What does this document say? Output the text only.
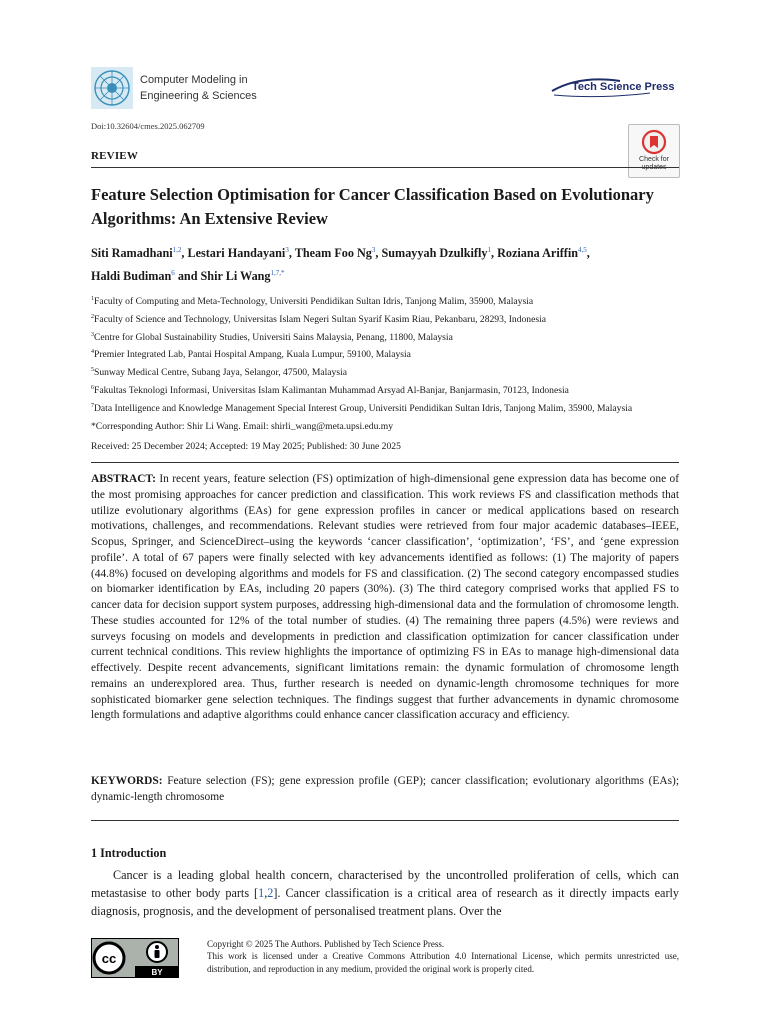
Computer Modeling in
Engineering & Sciences
Tech Science Press
Doi:10.32604/cmes.2025.062709
Check for
updates
REVIEW
Feature Selection Optimisation for Cancer Classification Based on Evolutionary Algorithms: An Extensive Review
Siti Ramadhani$^{1,2}$, Lestari Handayani$^3$, Theam Foo Ng$^3$, Sumayyah Dzulkifly$^1$, Roziana Ariffin$^{4,5}$,
Haldi Budiman$^6$ and Shir Li Wang$^{1,7,*}$
$^1$Faculty of Computing and Meta-Technology, Universiti Pendidikan Sultan Idris, Tanjong Malim, 35900, Malaysia
$^2$Faculty of Science and Technology, Universitas Islam Negeri Sultan Syarif Kasim Riau, Pekanbaru, 28293, Indonesia
$^3$Centre for Global Sustainability Studies, Universiti Sains Malaysia, Penang, 11800, Malaysia
$^4$Premier Integrated Lab, Pantai Hospital Ampang, Kuala Lumpur, 59100, Malaysia
$^5$Sunway Medical Centre, Subang Jaya, Selangor, 47500, Malaysia
$^6$Fakultas Teknologi Informasi, Universitas Islam Kalimantan Muhammad Arsyad Al-Banjar, Banjarmasin, 70123, Indonesia
$^7$Data Intelligence and Knowledge Management Special Interest Group, Universiti Pendidikan Sultan Idris, Tanjong Malim, 35900, Malaysia
*Corresponding Author: Shir Li Wang. Email: shirli_wang@meta.upsi.edu.my
Received: 25 December 2024; Accepted: 19 May 2025; Published: 30 June 2025
ABSTRACT: In recent years, feature selection (FS) optimization of high-dimensional gene expression data has become one of the most promising approaches for cancer prediction and classification. This work reviews FS and classification methods that utilize evolutionary algorithms (EAs) for gene expression profiles in cancer or medical applications based on research motivations, challenges, and recommendations. Relevant studies were retrieved from four major academic databases–IEEE, Scopus, Springer, and ScienceDirect–using the keywords ‘cancer classification’, ‘optimization’, ‘FS’, and ‘gene expression profile’. A total of 67 papers were finally selected with key advancements identified as follows: (1) The majority of papers (44.8%) focused on developing algorithms and models for FS and classification. (2) The second category encompassed studies on biomarker identification by EAs, including 20 papers (30%). (3) The third category comprised works that applied FS to cancer data for decision support system purposes, addressing high-dimensional data and the formulation of chromosome length. These studies accounted for 12% of the total number of studies. (4) The remaining three papers (4.5%) were reviews and surveys focusing on models and developments in prediction and classification optimization for cancer classification under current technical conditions. This review highlights the importance of optimizing FS in EAs to manage high-dimensional data effectively. Despite recent advancements, significant limitations remain: the dynamic formulation of chromosome length remains an underexplored area. Thus, further research is needed on dynamic-length chromosome techniques for more sophisticated biomarker gene selection techniques. The findings suggest that further advancements in dynamic chromosome length formulations and adaptive algorithms could enhance cancer classification accuracy and efficiency.
KEYWORDS: Feature selection (FS); gene expression profile (GEP); cancer classification; evolutionary algorithms (EAs); dynamic-length chromosome
1 Introduction
Cancer is a leading global health concern, characterised by the uncontrolled proliferation of cells, which can metastasise to other body parts [1,2]. Cancer classification is a critical area of research as it directly impacts early diagnosis, prognosis, and the development of personalised treatment plans. Over the
cc
BY
Copyright © 2025 The Authors. Published by Tech Science Press.
This work is licensed under a Creative Commons Attribution 4.0 International License, which permits unrestricted use, distribution, and reproduction in any medium, provided the original work is properly cited.
